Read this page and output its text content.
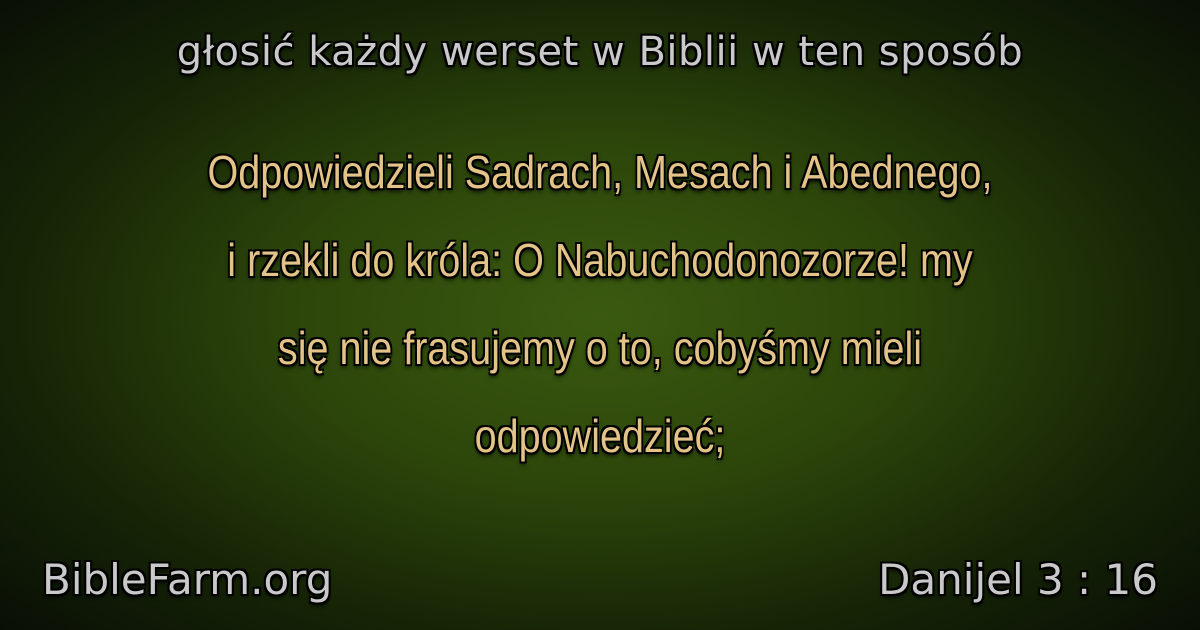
głosić każdy werset w Biblii w ten sposób
Odpowiedzieli Sadrach, Mesach i Abednego,
i rzekli do króla: O Nabuchodonozorze! my
się nie frasujemy o to, cobyśmy mieli
odpowiedzieć;
BibleFarm.org	Danijel 3 : 16
